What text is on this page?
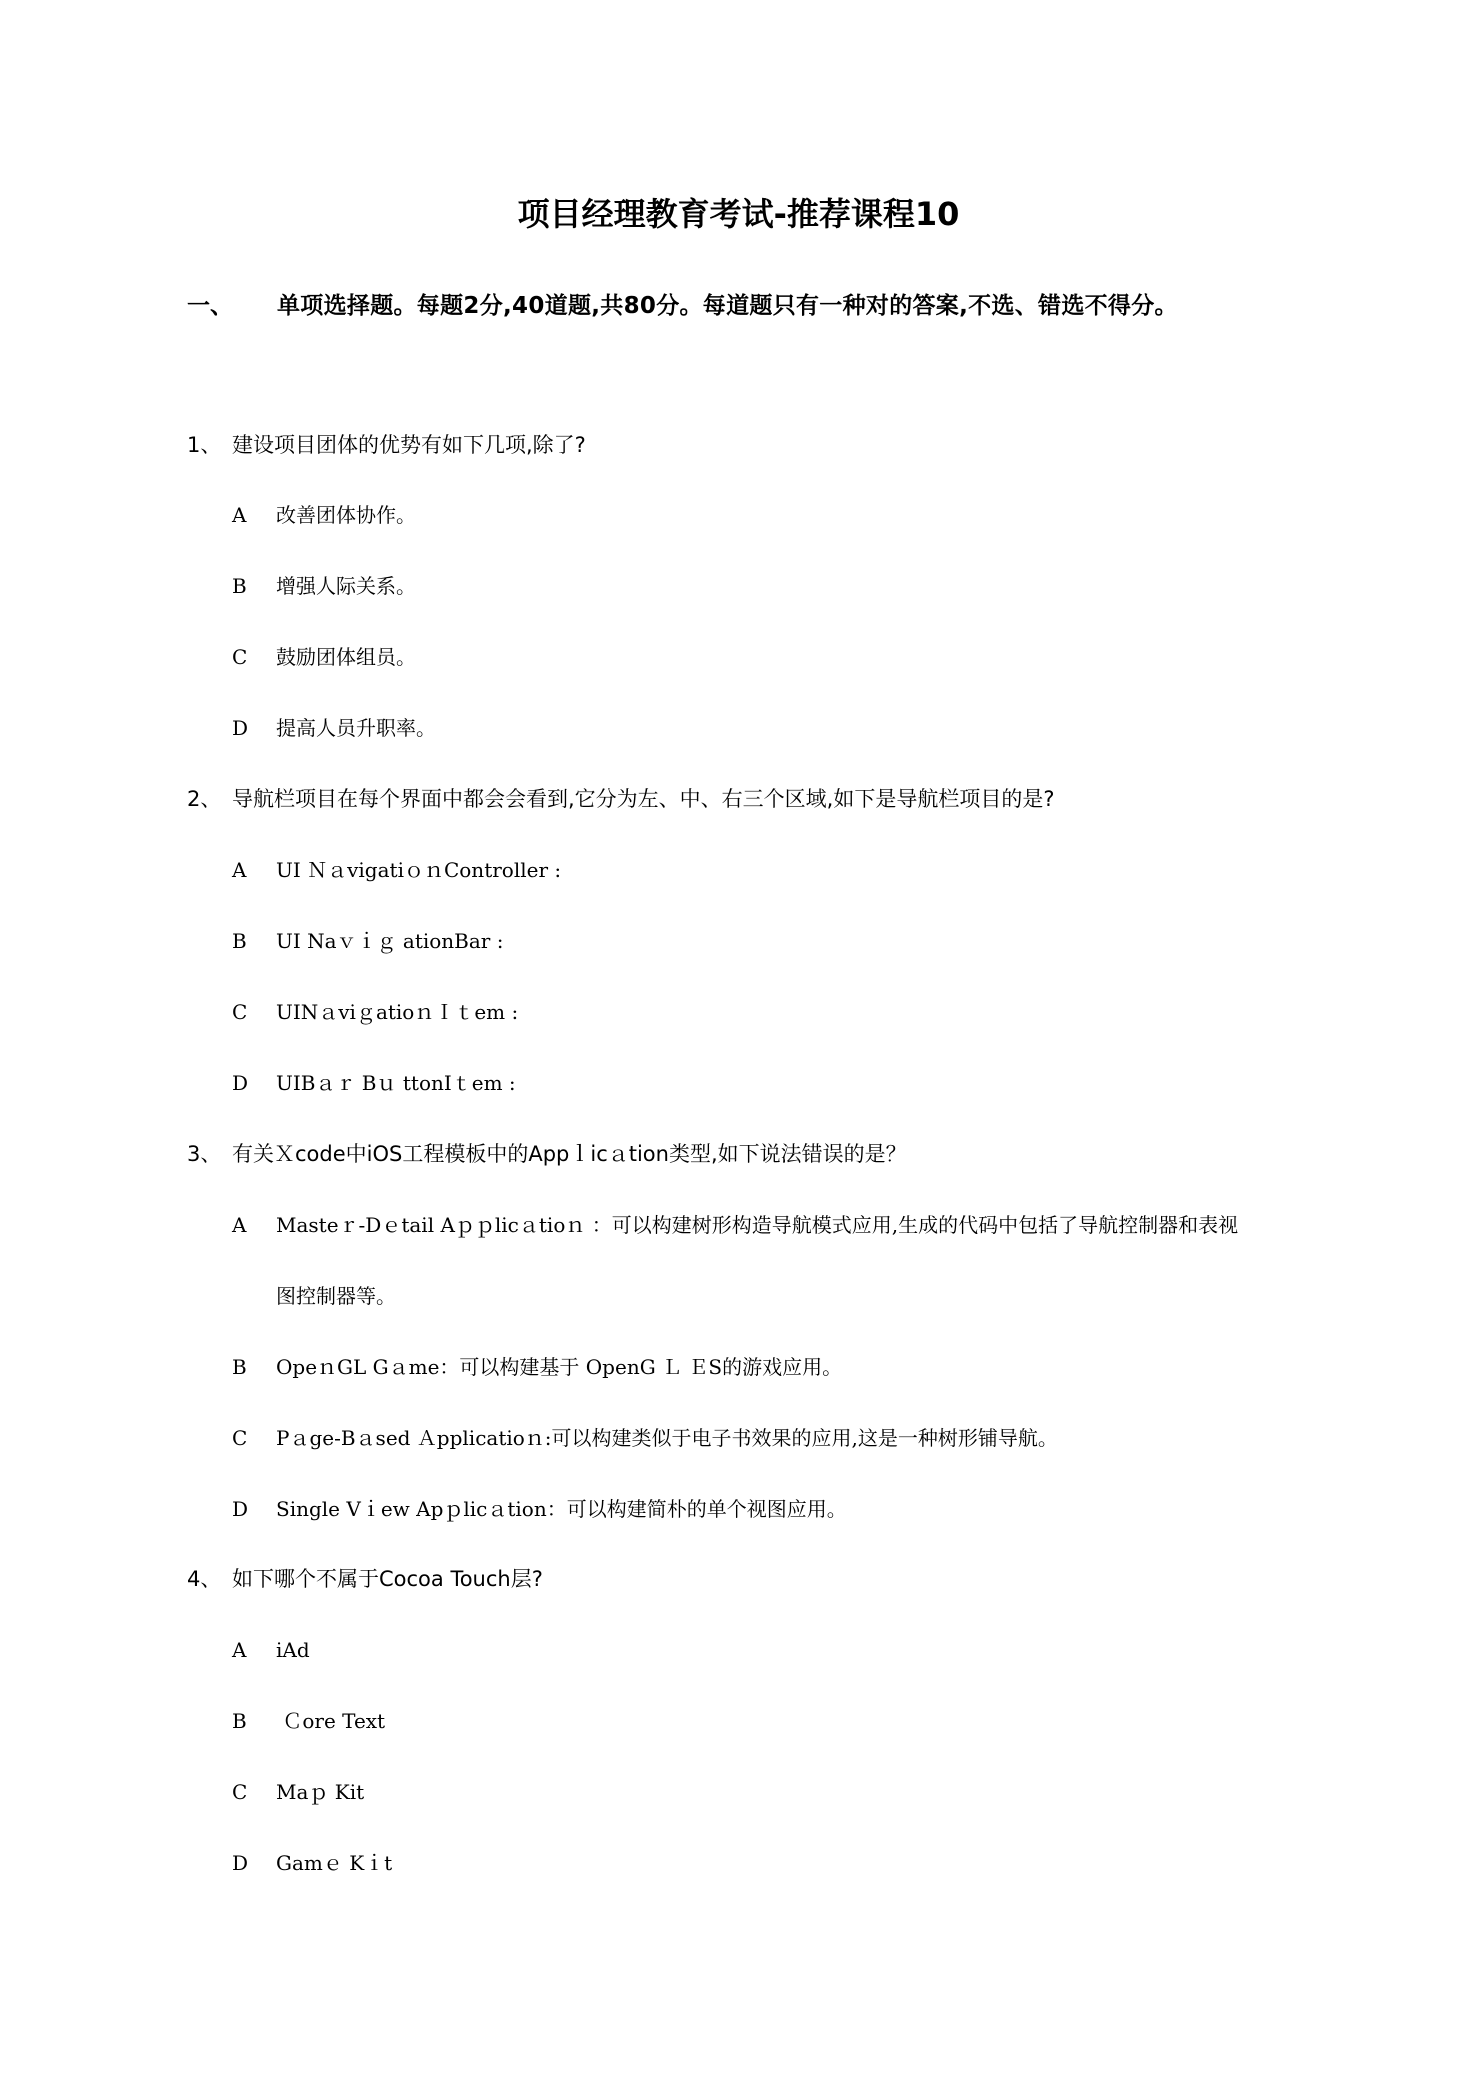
项目经理教育考试-推荐课程10
一、 单项选择题。每题2分,40道题,共80分。每道题只有一种对的答案,不选、错选不得分。
1、 建设项目团体的优势有如下几项,除了?
A 改善团体协作。
B 增强人际关系。
C 鼓励团体组员。
D 提高人员升职率。
2、 导航栏项目在每个界面中都会会看到,它分为左、中、右三个区域,如下是导航栏项目的是?
A UI ＮａvigatiｏｎController :
B UI Naｖｉｇ ationBar :
C UINａviｇatioｎＩｔem :
D UIBａｒ Bｕ ttonIｔem :
3、 有关Ｘcode中iOS工程模板中的Appｌicａtion类型,如下说法错误的是？
A Masteｒ-Dｅtail Aｐｐlicａtioｎ ：可以构建树形构造导航模式应用,生成的代码中包括了导航控制器和表视
图控制器等。
B OpeｎGL Gａme：可以构建基于 OpenG Ｌ ＥS的游戏应用。
C Pａge-Bａsed Ａpplicatioｎ:可以构建类似于电子书效果的应用,这是一种树形铺导航。
D Single Vｉew Apｐlicａtion：可以构建简朴的单个视图应用。
4、 如下哪个不属于Cocoa Touch层?
A iAd
B Ｃore Text
C Maｐ Kit
D Gamｅ Kｉt
